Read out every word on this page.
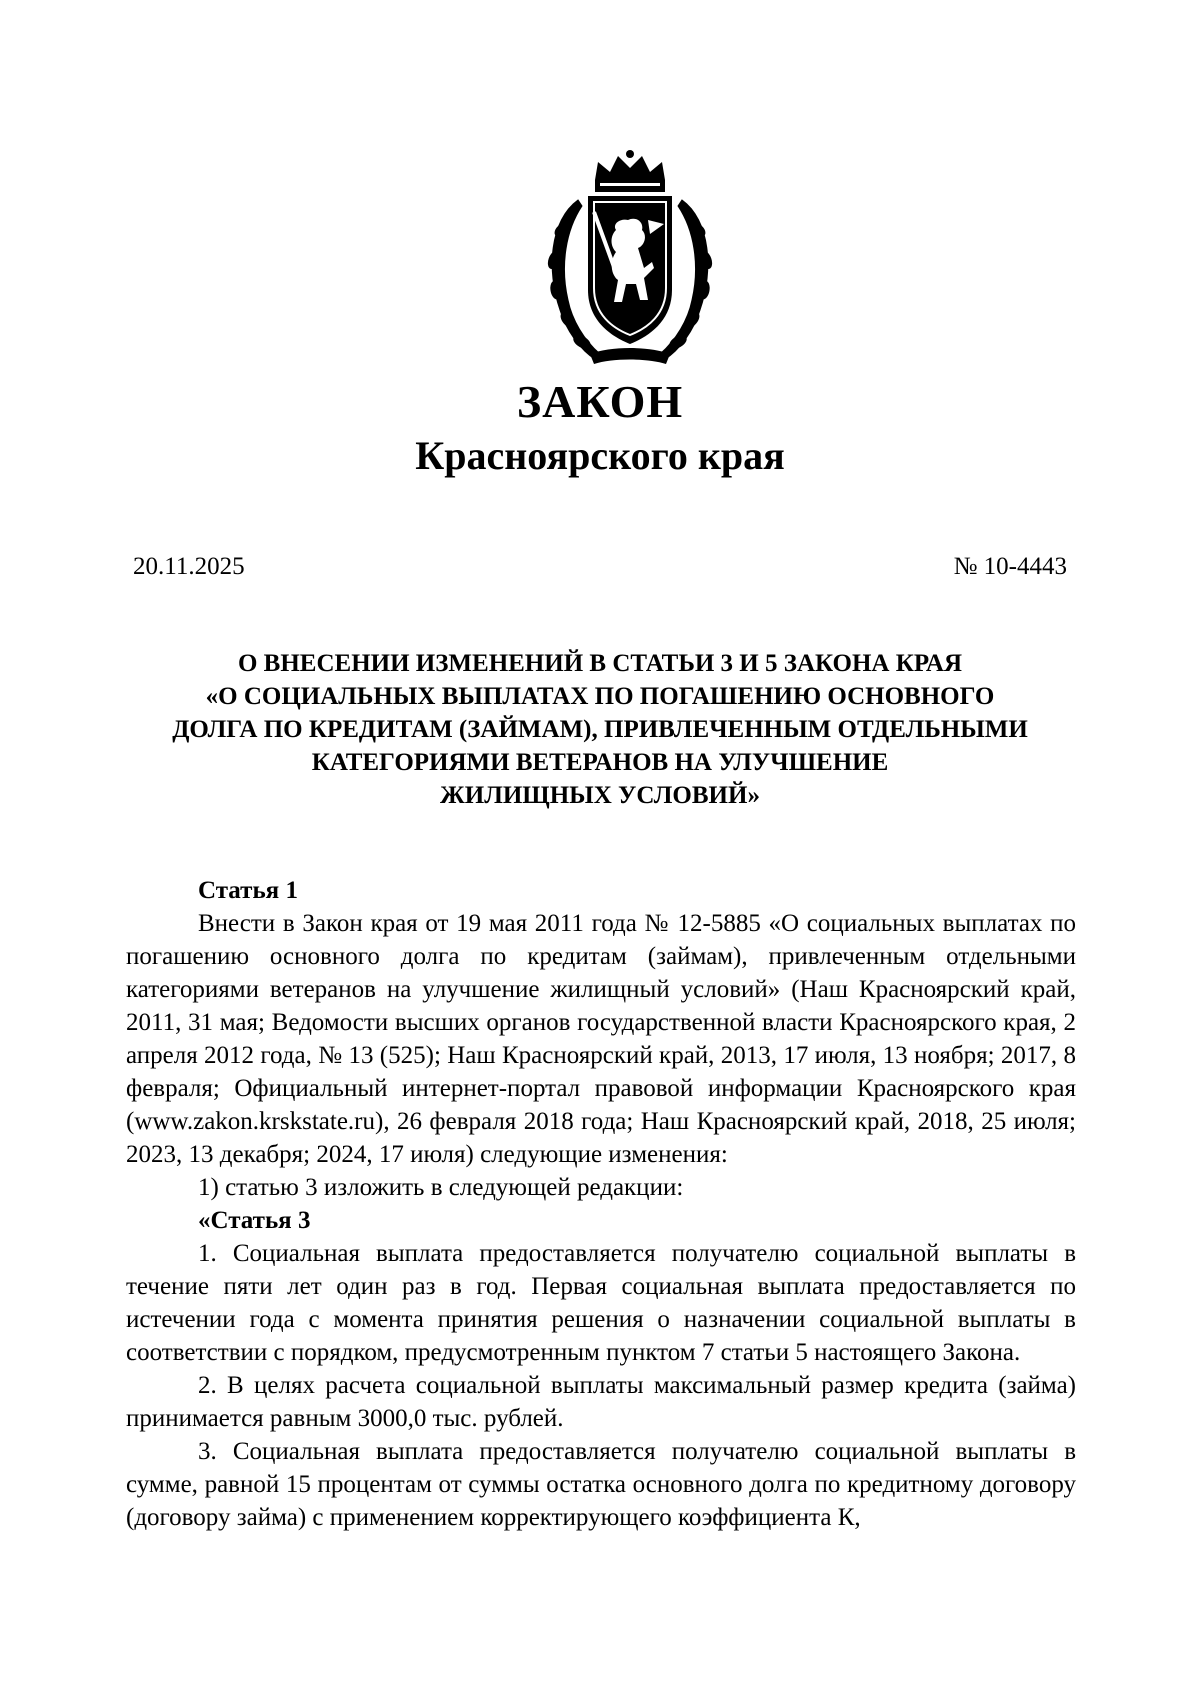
ЗАКОН
Красноярского края
20.11.2025	№ 10-4443
О ВНЕСЕНИИ ИЗМЕНЕНИЙ В СТАТЬИ 3 И 5 ЗАКОНА КРАЯ
«О СОЦИАЛЬНЫХ ВЫПЛАТАХ ПО ПОГАШЕНИЮ ОСНОВНОГО
ДОЛГА ПО КРЕДИТАМ (ЗАЙМАМ), ПРИВЛЕЧЕННЫМ ОТДЕЛЬНЫМИ
КАТЕГОРИЯМИ ВЕТЕРАНОВ НА УЛУЧШЕНИЕ
ЖИЛИЩНЫХ УСЛОВИЙ»

Статья 1

Внести в Закон края от 19 мая 2011 года № 12-5885 «О социальных выплатах по погашению основного долга по кредитам (займам), привлеченным отдельными категориями ветеранов на улучшение жилищный условий» (Наш Красноярский край, 2011, 31 мая; Ведомости высших органов государственной власти Красноярского края, 2 апреля 2012 года, № 13 (525); Наш Красноярский край, 2013, 17 июля, 13 ноября; 2017, 8 февраля; Официальный интернет-портал правовой информации Красноярского края (www.zakon.krskstate.ru), 26 февраля 2018 года; Наш Красноярский край, 2018, 25 июля; 2023, 13 декабря; 2024, 17 июля) следующие изменения:

1) статью 3 изложить в следующей редакции:

«Статья 3

1. Социальная выплата предоставляется получателю социальной выплаты в течение пяти лет один раз в год. Первая социальная выплата предоставляется по истечении года с момента принятия решения о назначении социальной выплаты в соответствии с порядком, предусмотренным пунктом 7 статьи 5 настоящего Закона.

2. В целях расчета социальной выплаты максимальный размер кредита (займа) принимается равным 3000,0 тыс. рублей.

3. Социальная выплата предоставляется получателю социальной выплаты в сумме, равной 15 процентам от суммы остатка основного долга по кредитному договору (договору займа) с применением корректирующего коэффициента К,
